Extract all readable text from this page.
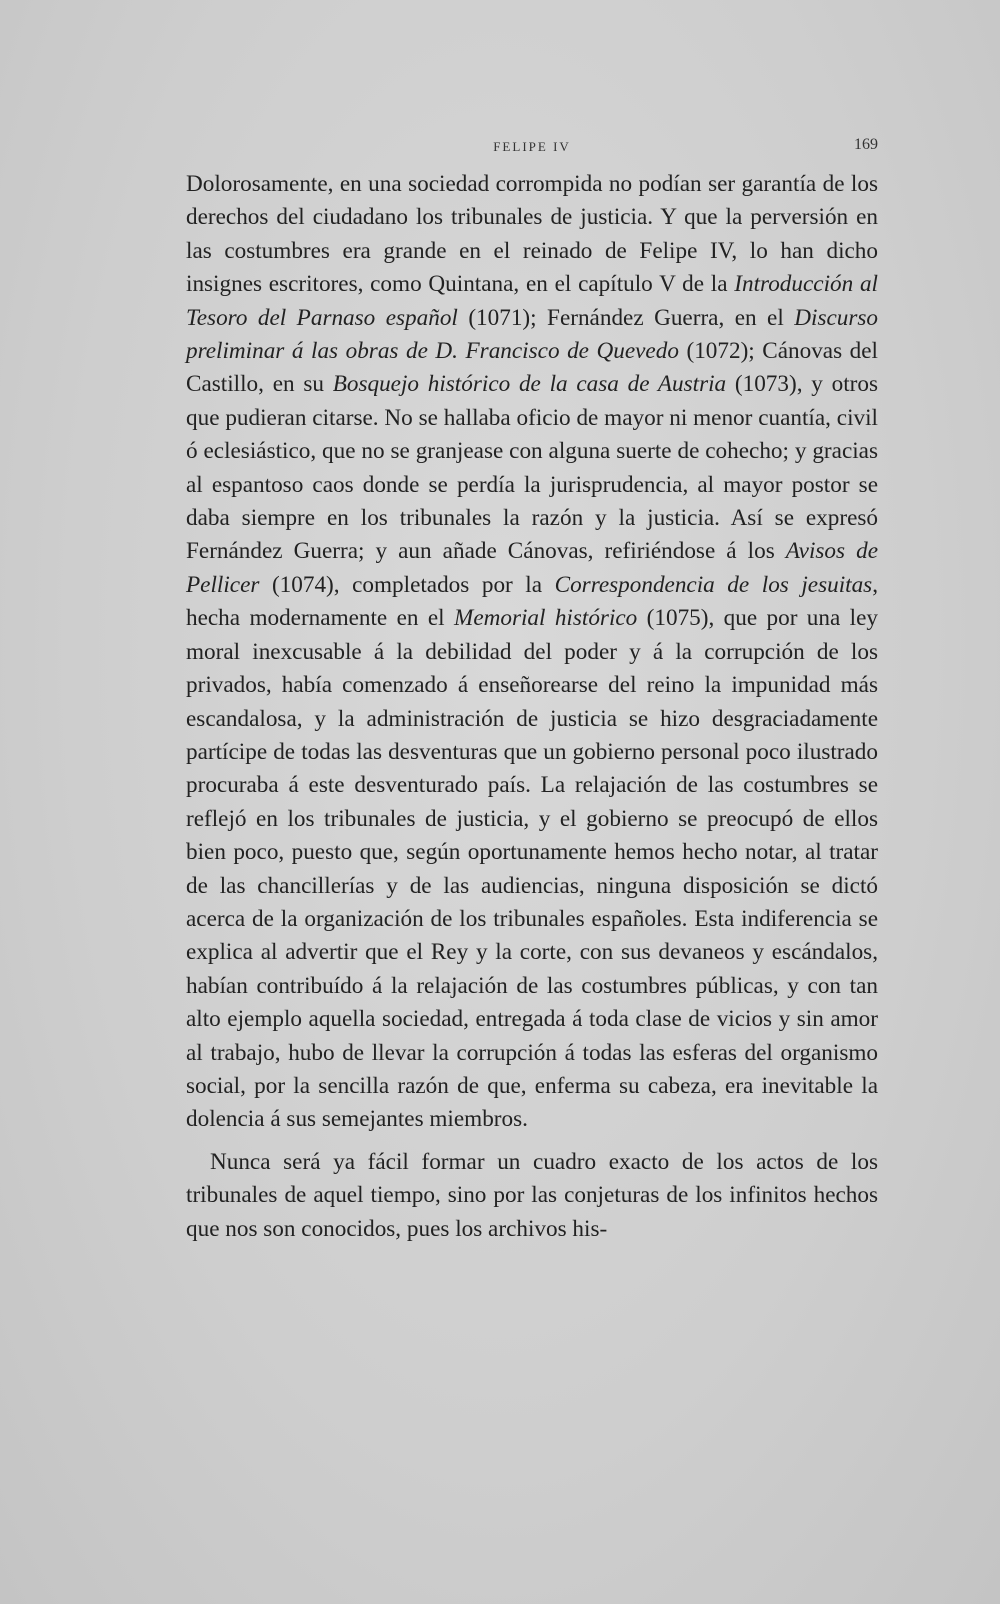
FELIPE IV	169

Dolorosamente, en una sociedad corrompida no podían ser garantía de los derechos del ciudadano los tribunales de justicia. Y que la perversión en las costumbres era grande en el reinado de Felipe IV, lo han dicho insignes escritores, como Quintana, en el capítulo V de la Introducción al Tesoro del Parnaso español (1071); Fernández Guerra, en el Discurso preliminar á las obras de D. Francisco de Quevedo (1072); Cánovas del Castillo, en su Bosquejo histórico de la casa de Austria (1073), y otros que pudieran citarse. No se hallaba oficio de mayor ni menor cuantía, civil ó eclesiástico, que no se granjease con alguna suerte de cohecho; y gracias al espantoso caos donde se perdía la jurisprudencia, al mayor postor se daba siempre en los tribunales la razón y la justicia. Así se expresó Fernández Guerra; y aun añade Cánovas, refiriéndose á los Avisos de Pellicer (1074), completados por la Correspondencia de los jesuitas, hecha modernamente en el Memorial histórico (1075), que por una ley moral inexcusable á la debilidad del poder y á la corrupción de los privados, había comenzado á enseñorearse del reino la impunidad más escandalosa, y la administración de justicia se hizo desgraciadamente partícipe de todas las desventuras que un gobierno personal poco ilustrado procuraba á este desventurado país. La relajación de las costumbres se reflejó en los tribunales de justicia, y el gobierno se preocupó de ellos bien poco, puesto que, según oportunamente hemos hecho notar, al tratar de las chancillerías y de las audiencias, ninguna disposición se dictó acerca de la organización de los tribunales españoles. Esta indiferencia se explica al advertir que el Rey y la corte, con sus devaneos y escándalos, habían contribuído á la relajación de las costumbres públicas, y con tan alto ejemplo aquella sociedad, entregada á toda clase de vicios y sin amor al trabajo, hubo de llevar la corrupción á todas las esferas del organismo social, por la sencilla razón de que, enferma su cabeza, era inevitable la dolencia á sus semejantes miembros.

Nunca será ya fácil formar un cuadro exacto de los actos de los tribunales de aquel tiempo, sino por las conjeturas de los infinitos hechos que nos son conocidos, pues los archivos his-
